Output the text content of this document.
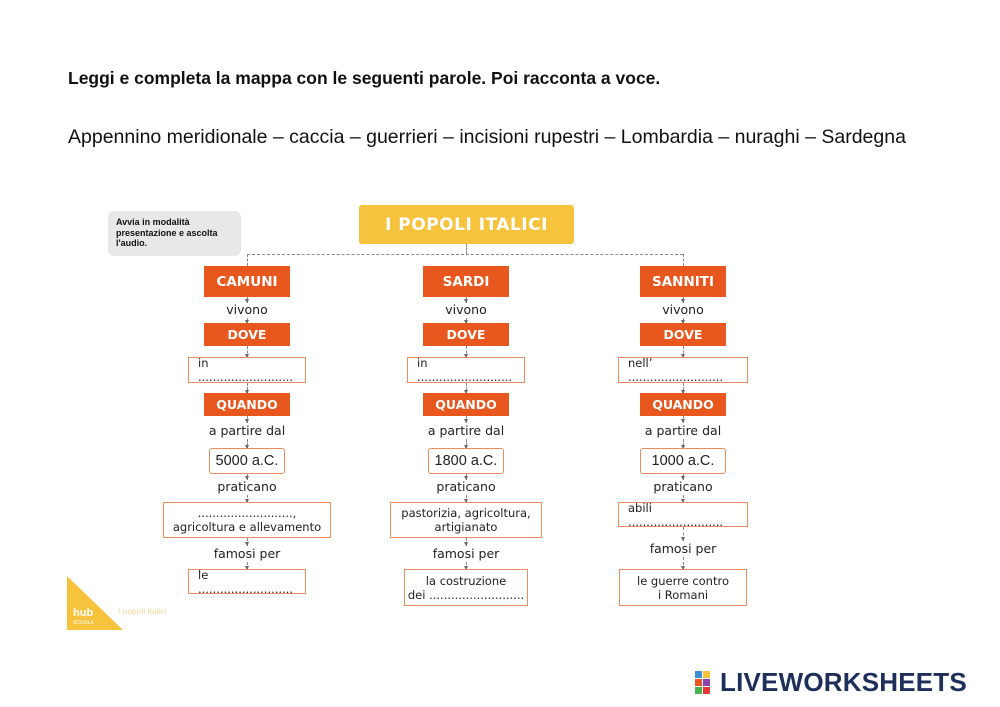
Leggi e completa la mappa con le seguenti parole. Poi racconta a voce.
Appennino meridionale – caccia – guerrieri – incisioni rupestri – Lombardia – nuraghi – Sardegna
Avvia in modalità presentazione e ascolta l'audio.
I POPOLI ITALICI
CAMUNI
vivono
DOVE
in ..........................
QUANDO
a partire dal
5000 a.C.
praticano
..........................,
agricoltura e allevamento
famosi per
le ..........................
SARDI
vivono
DOVE
in ..........................
QUANDO
a partire dal
1800 a.C.
praticano
pastorizia, agricoltura,
artigianato
famosi per
la costruzione
dei ..........................
SANNITI
vivono
DOVE
nell’ ..........................
QUANDO
a partire dal
1000 a.C.
praticano
abili ..........................
famosi per
le guerre contro
i Romani
hub
SCUOLA
I popoli italici
LIVEWORKSHEETS
